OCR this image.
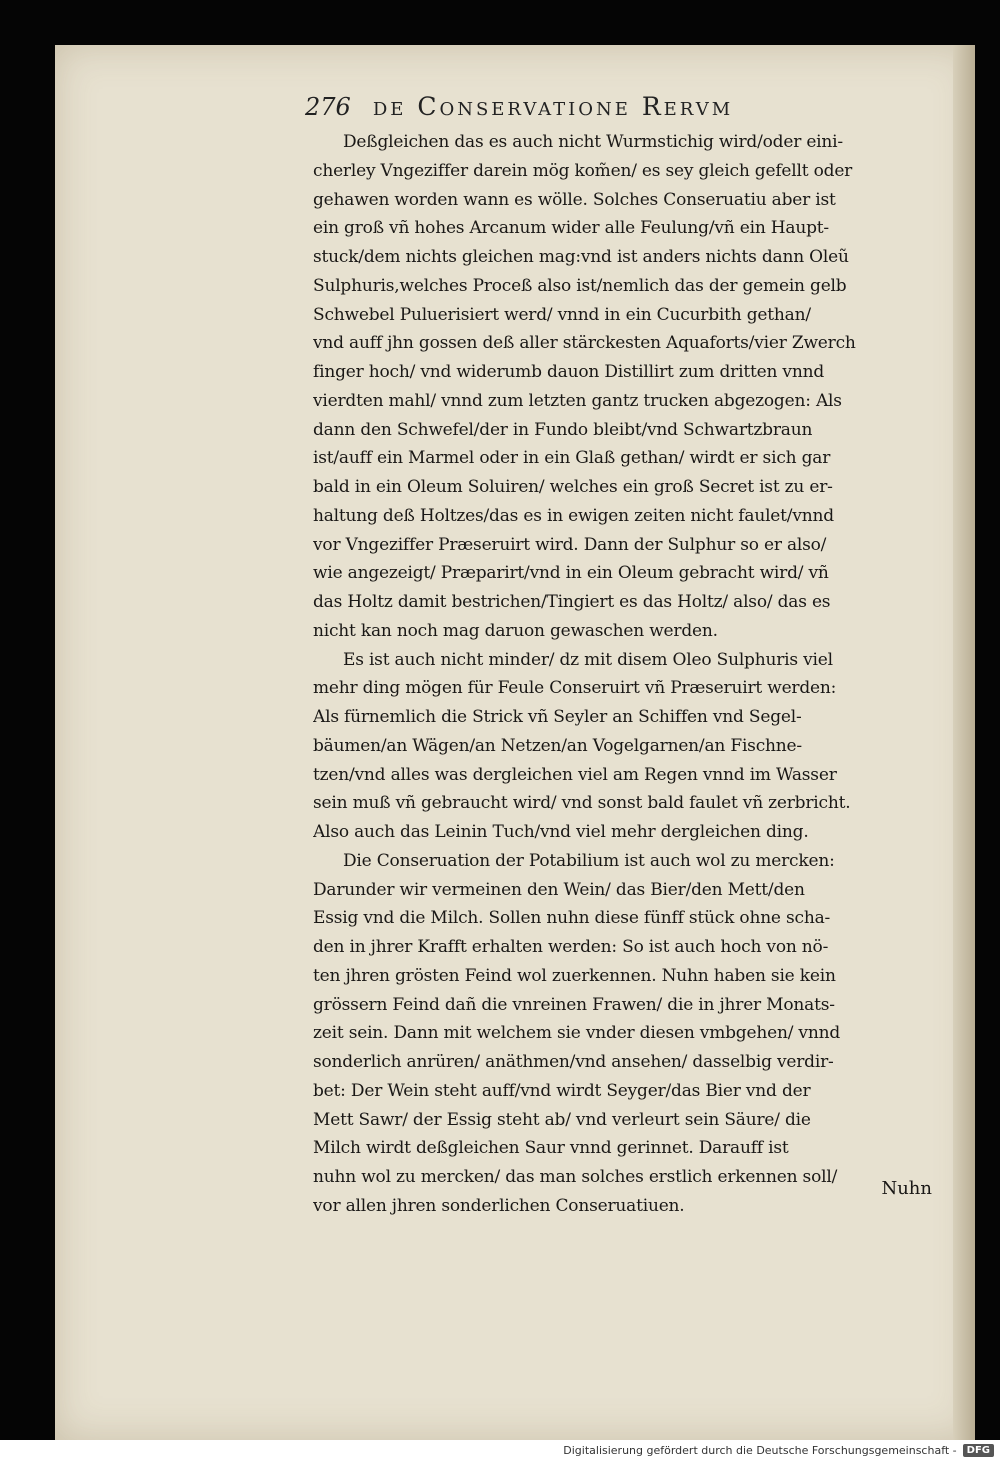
276 de Conservatione Rervm
Deßgleichen das es auch nicht Wurmstichig wird/oder eini-
cherley Vngeziffer darein mög kom̃en/ es sey gleich gefellt oder
gehawen worden wann es wölle. Solches Conseruatiu aber ist
ein groß vñ hohes Arcanum wider alle Feulung/vñ ein Haupt-
stuck/dem nichts gleichen mag:vnd ist anders nichts dann Oleũ
Sulphuris,welches Proceß also ist/nemlich das der gemein gelb
Schwebel Puluerisiert werd/ vnnd in ein Cucurbith gethan/
vnd auff jhn gossen deß aller stärckesten Aquaforts/vier Zwerch
finger hoch/ vnd widerumb dauon Distillirt zum dritten vnnd
vierdten mahl/ vnnd zum letzten gantz trucken abgezogen: Als
dann den Schwefel/der in Fundo bleibt/vnd Schwartzbraun
ist/auff ein Marmel oder in ein Glaß gethan/ wirdt er sich gar
bald in ein Oleum Soluiren/ welches ein groß Secret ist zu er-
haltung deß Holtzes/das es in ewigen zeiten nicht faulet/vnnd
vor Vngeziffer Præseruirt wird. Dann der Sulphur so er also/
wie angezeigt/ Præparirt/vnd in ein Oleum gebracht wird/ vñ
das Holtz damit bestrichen/Tingiert es das Holtz/ also/ das es
nicht kan noch mag daruon gewaschen werden.
Es ist auch nicht minder/ dz mit disem Oleo Sulphuris viel
mehr ding mögen für Feule Conseruirt vñ Præseruirt werden:
Als fürnemlich die Strick vñ Seyler an Schiffen vnd Segel-
bäumen/an Wägen/an Netzen/an Vogelgarnen/an Fischne-
tzen/vnd alles was dergleichen viel am Regen vnnd im Wasser
sein muß vñ gebraucht wird/ vnd sonst bald faulet vñ zerbricht.
Also auch das Leinin Tuch/vnd viel mehr dergleichen ding.
Die Conseruation der Potabilium ist auch wol zu mercken:
Darunder wir vermeinen den Wein/ das Bier/den Mett/den
Essig vnd die Milch. Sollen nuhn diese fünff stück ohne scha-
den in jhrer Krafft erhalten werden: So ist auch hoch von nö-
ten jhren grösten Feind wol zuerkennen. Nuhn haben sie kein
grössern Feind dañ die vnreinen Frawen/ die in jhrer Monats-
zeit sein. Dann mit welchem sie vnder diesen vmbgehen/ vnnd
sonderlich anrüren/ anäthmen/vnd ansehen/ dasselbig verdir-
bet: Der Wein steht auff/vnd wirdt Seyger/das Bier vnd der
Mett Sawr/ der Essig steht ab/ vnd verleurt sein Säure/ die
Milch wirdt deßgleichen Saur vnnd gerinnet. Darauff ist
nuhn wol zu mercken/ das man solches erstlich erkennen soll/
vor allen jhren sonderlichen Conseruatiuen.
Nuhn
Digitalisierung gefördert durch die Deutsche Forschungsgemeinschaft -	DFG
